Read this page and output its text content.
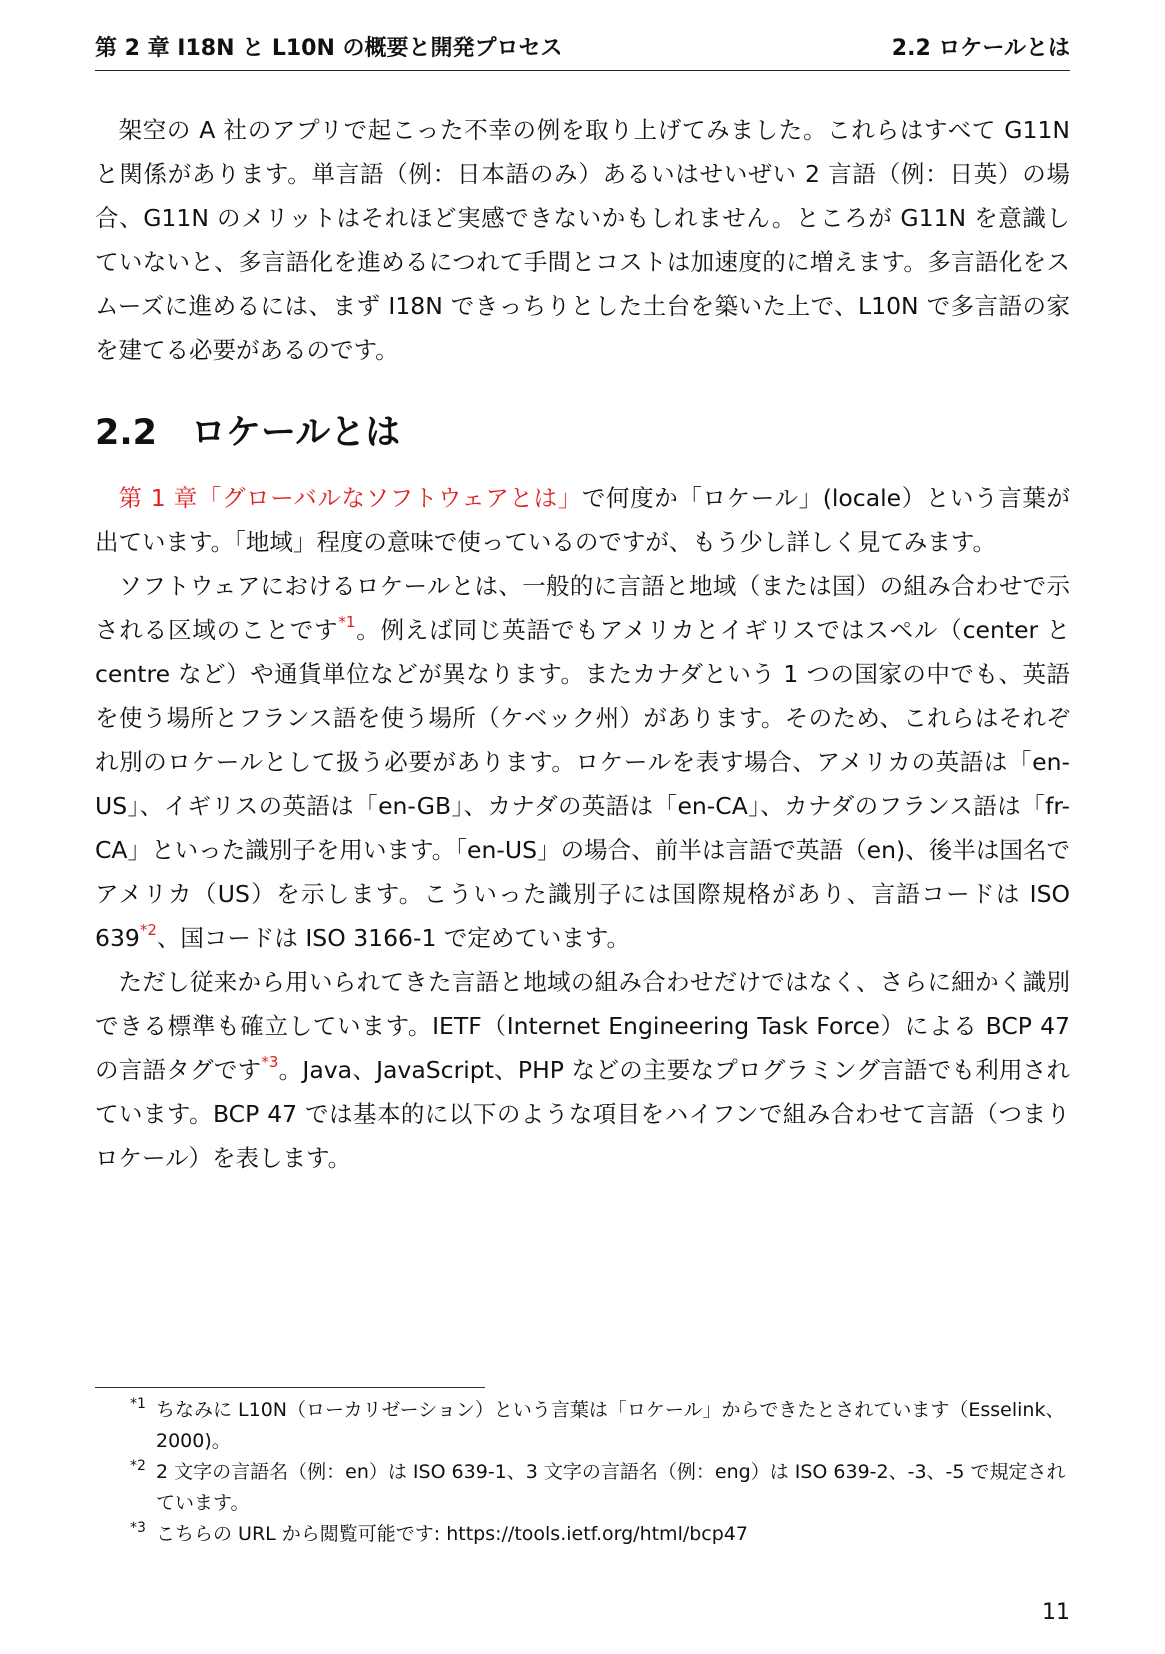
第 2 章 I18N と L10N の概要と開発プロセス	2.2 ロケールとは

架空の A 社のアプリで起こった不幸の例を取り上げてみました。これらはすべて G11N と関係があります。単言語（例：日本語のみ）あるいはせいぜい 2 言語（例：日英）の場合、G11N のメリットはそれほど実感できないかもしれません。ところが G11N を意識していないと、多言語化を進めるにつれて手間とコストは加速度的に増えます。多言語化をスムーズに進めるには、まず I18N できっちりとした土台を築いた上で、L10N で多言語の家を建てる必要があるのです。

2.2 ロケールとは

第 1 章「グローバルなソフトウェアとは」で何度か「ロケール」(locale）という言葉が出ています。「地域」程度の意味で使っているのですが、もう少し詳しく見てみます。

ソフトウェアにおけるロケールとは、一般的に言語と地域（または国）の組み合わせで示される区域のことです$^{*1}$。例えば同じ英語でもアメリカとイギリスではスペル（center と centre など）や通貨単位などが異なります。またカナダという 1 つの国家の中でも、英語を使う場所とフランス語を使う場所（ケベック州）があります。そのため、これらはそれぞれ別のロケールとして扱う必要があります。ロケールを表す場合、アメリカの英語は「en-US」、イギリスの英語は「en-GB」、カナダの英語は「en-CA」、カナダのフランス語は「fr-CA」といった識別子を用います。「en-US」の場合、前半は言語で英語（en)、後半は国名でアメリカ（US）を示します。こういった識別子には国際規格があり、言語コードは ISO 639$^{*2}$、国コードは ISO 3166-1 で定めています。

ただし従来から用いられてきた言語と地域の組み合わせだけではなく、さらに細かく識別できる標準も確立しています。IETF（Internet Engineering Task Force）による BCP 47 の言語タグです$^{*3}$。Java、JavaScript、PHP などの主要なプログラミング言語でも利用されています。BCP 47 では基本的に以下のような項目をハイフンで組み合わせて言語（つまりロケール）を表します。

*1 ちなみに L10N（ローカリゼーション）という言葉は「ロケール」からできたとされています（Esselink、2000)。
*2 2 文字の言語名（例：en）は ISO 639-1、3 文字の言語名（例：eng）は ISO 639-2、-3、-5 で規定されています。
*3 こちらの URL から閲覧可能です: https://tools.ietf.org/html/bcp47
11
